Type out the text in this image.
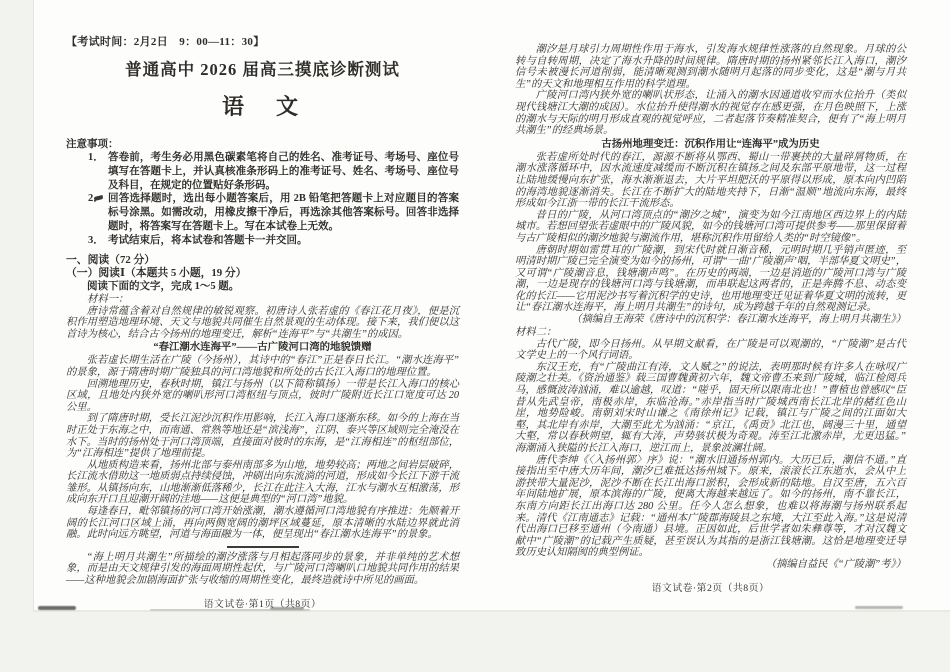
【考试时间：2月2日　9：00—11：30】
普通高中 2026 届高三摸底诊断测试
语　文
注意事项：
1． 答卷前，考生务必用黑色碳素笔将自己的姓名、准考证号、考场号、座位号填写在答题卡上，并认真核准条形码上的准考证号、姓名、考场号、座位号及科目，在规定的位置贴好条形码。
2． 回答选择题时，选出每小题答案后，用 2B 铅笔把答题卡上对应题目的答案标号涂黑。如需改动，用橡皮擦干净后，再选涂其他答案标号。回答非选择题时，将答案写在答题卡上。写在本试卷上无效。
3． 考试结束后，将本试卷和答题卡一并交回。
一、阅读（72 分）
（一）阅读Ⅰ（本题共 5 小题，19 分）
阅读下面的文字，完成 1～5 题。
材料一：

唐诗常蕴含着对自然规律的敏锐观察。初唐诗人张若虚的《春江花月夜》，便是沉积作用塑造地理环境、天文与地貌共同催生自然景观的生动体现。接下来，我们便以这首诗为核心，结合古今扬州的地理变迁，解析“连海平”与“共潮生”的成因。

“春江潮水连海平”——古广陵河口湾的地貌馈赠

张若虚长期生活在广陵（今扬州），其诗中的“春江”正是春日长江。“潮水连海平”的景象，源于隋唐时期广陵独具的河口湾地貌和所处的古长江入海口的地理位置。

回溯地理历史，春秋时期，镇江与扬州（以下简称镇扬）一带是长江入海口的核心区域，且地处内狭外宽的喇叭形河口湾枢纽与顶点，彼时广陵附近长江口宽度可达 20 公里。

到了隋唐时期，受长江泥沙沉积作用影响，长江入海口逐渐东移。如今的上海在当时正处于东海之中，而南通、常熟等地还是“滨浅海”，江阴、泰兴等区域则完全淹没在水下。当时的扬州处于河口湾顶端，直接面对彼时的东海，是“江海相连”的枢纽部位，为“江海相连”提供了地理前提。

从地质构造来看，扬州北部与泰州南部多为山地，地势较高；两地之间岩层破碎，长江流水借助这一地质弱点持续侵蚀，冲刷出向东流淌的河道，形成如今长江下游干流雏形。从镇扬向东，山地渐渐低落稀少，长江在此注入大海，江水与潮水互相激荡，形成向东开口且迎潮开阔的洼地——这便是典型的“河口湾”地貌。

每逢春日，毗邻镇扬的河口湾开始涨潮，潮水遵循河口湾地貌有序推进：先顺着开阔的长江河口区域上涌，再向两侧宽阔的潮坪区域蔓延，原本清晰的水陆边界就此消融。此时向远方眺望，河道与海面融为一体，便呈现出“春江潮水连海平”的景象。

“海上明月共潮生”所描绘的潮汐涨落与月相起落同步的景象，并非单纯的艺术想象，而是由天文规律引发的海面周期性起伏，与广陵河口湾喇叭口地貌共同作用的结果——这种地貌会加剧海面扩张与收缩的周期性变化，最终造就诗中所见的画面。

语文试卷·第1页（共8页）

潮汐是月球引力周期性作用于海水，引发海水规律性涨落的自然现象。月球的公转与自转周期，决定了海水升降的时间规律。隋唐时期的扬州紧邻长江入海口，潮汐信号未被漫长河道削弱，能清晰观测到潮水随明月起落的同步变化，这是“潮与月共生”的天文和地理相互作用的科学道理。

广陵河口湾内狭外宽的喇叭状形态，让涌入的潮水因通道收窄而水位抬升（类似现代钱塘江大潮的成因）。水位抬升使得潮水的视觉存在感更强，在月色映照下，上涨的潮水与天际的明月形成直观的视觉呼应，二者起落节奏精准契合，便有了“海上明月共潮生”的经典场景。

古扬州地理变迁：沉积作用让“连海平”成为历史

张若虚所处时代的春江，源源不断将从鄂西、蜀山一带裹挟的大量碎屑物质，在潮水涨落循环中，因水流速度减缓而不断沉积在镇扬之间及东部平原地带，这一过程让陆地缓慢向东扩张，海水渐渐退去，大片平坦肥沃的平原得以形成，原本向内凹陷的海湾地貌逐渐消失。长江在不断扩大的陆地夹持下，日渐“温顺”地流向东海，最终形成如今江浙一带的长江干流形态。

昔日的广陵，从河口湾顶点的“潮汐之城”，演变为如今江南地区西边界上的内陆城市。若想回望张若虚眼中的广陵风貌，如今的钱塘河口湾可提供参考——那里保留着与古广陵相似的潮汐地貌与潮流作用，堪称沉积作用留给人类的“时空镜像”。

唐朝时期如雷贯耳的广陵潮，到宋代时就日渐音稀，元明时期几乎销声匿迹，至明清时期广陵已完全演变为如今的扬州，可谓“一曲‘广陵潮声’咽，半部华夏文明史”，又可谓“广陵潮音息，钱塘潮声鸣”。在历史的两端，一边是消逝的广陵河口湾与广陵潮，一边是现存的钱塘河口湾与钱塘潮，而串联起这两者的，正是奔腾不息、动态变化的长江——它用泥沙书写着沉积学的史诗，也用地理变迁见证着华夏文明的流转，更让“春江潮水连海平，海上明月共潮生”的诗句，成为跨越千年的自然观测记录。

（摘编自王海荣《唐诗中的沉积学：春江潮水连海平，海上明月共潮生》）

材料二：

古代广陵，即今日扬州。从早期文献看，在广陵是可以观潮的，“广陵潮”是古代文学史上的一个风行词语。

东汉王充，有“广陵曲江有涛，文人赋之”的说法，表明那时候有许多人在咏叹广陵潮之壮美。《资治通鉴》载三国曹魏黄初六年，魏文帝曹丕来到广陵城，临江检阅兵马，感慨波涛汹涌，难以逾越，叹道：“嗟乎，固天所以限南北也！”曹植也曾感叹“臣昔从先武皇帝，南极赤岸，东临沧海。”赤岸指当时广陵城西南长江北岸的赭红色山崖，地势险峻。南朝刘宋时山谦之《南徐州记》记载，镇江与广陵之间的江面如大壑，其北岸有赤岸，大潮至此尤为汹涌：“京江，《禹贡》北江也，阔漫三十里，通望大壑，常以春秋朔望，辄有大涛，声势骇状极为奇观。涛至江北激赤岸，尤更迅猛。”海潮涌入狭隘的长江入海口，逆江而上，景象波澜壮阔。

唐代李绅《〈入扬州郭〉序》说：“潮水旧通扬州郭内。大历已后，潮信不通。”直接指出至中唐大历年间，潮汐已难抵达扬州城下。原来，滚滚长江东逝水，会从中上游挟带大量泥沙，泥沙不断在长江出海口淤积，会形成新的陆地。自汉至唐，五六百年间陆地扩展，原本滨海的广陵，便离大海越来越远了。如今的扬州，南不靠长江，东南方向距长江出海口达 280 公里。任今人怎么想象，也难以将海潮与扬州联系起来。清代《江南通志》记载：“通州本广陵郡海陵县之东境，大江至此入海。”这是说清代出海口已移至通州（今南通）县境。正因如此，后世学者如朱彝尊等，才对汉魏文献中“广陵潮”的记载产生质疑，甚至误认为其指的是浙江钱塘潮。这恰是地理变迁导致历史认知隔阂的典型例证。

（摘编自益民《“广陵潮”考》）

语文试卷·第2页（共8页）
